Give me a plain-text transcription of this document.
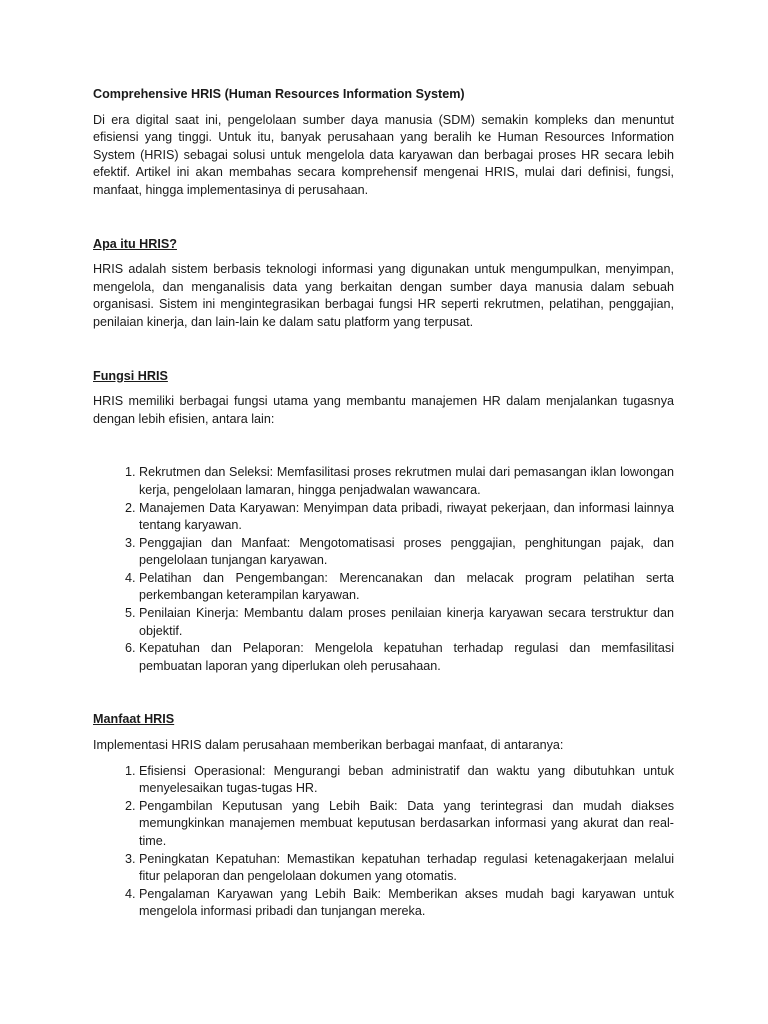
Comprehensive HRIS (Human Resources Information System)

Di era digital saat ini, pengelolaan sumber daya manusia (SDM) semakin kompleks dan menuntut efisiensi yang tinggi. Untuk itu, banyak perusahaan yang beralih ke Human Resources Information System (HRIS) sebagai solusi untuk mengelola data karyawan dan berbagai proses HR secara lebih efektif. Artikel ini akan membahas secara komprehensif mengenai HRIS, mulai dari definisi, fungsi, manfaat, hingga implementasinya di perusahaan.

Apa itu HRIS?

HRIS adalah sistem berbasis teknologi informasi yang digunakan untuk mengumpulkan, menyimpan, mengelola, dan menganalisis data yang berkaitan dengan sumber daya manusia dalam sebuah organisasi. Sistem ini mengintegrasikan berbagai fungsi HR seperti rekrutmen, pelatihan, penggajian, penilaian kinerja, dan lain-lain ke dalam satu platform yang terpusat.

Fungsi HRIS

HRIS memiliki berbagai fungsi utama yang membantu manajemen HR dalam menjalankan tugasnya dengan lebih efisien, antara lain:

1. Rekrutmen dan Seleksi: Memfasilitasi proses rekrutmen mulai dari pemasangan iklan lowongan kerja, pengelolaan lamaran, hingga penjadwalan wawancara.
2. Manajemen Data Karyawan: Menyimpan data pribadi, riwayat pekerjaan, dan informasi lainnya tentang karyawan.
3. Penggajian dan Manfaat: Mengotomatisasi proses penggajian, penghitungan pajak, dan pengelolaan tunjangan karyawan.
4. Pelatihan dan Pengembangan: Merencanakan dan melacak program pelatihan serta perkembangan keterampilan karyawan.
5. Penilaian Kinerja: Membantu dalam proses penilaian kinerja karyawan secara terstruktur dan objektif.
6. Kepatuhan dan Pelaporan: Mengelola kepatuhan terhadap regulasi dan memfasilitasi pembuatan laporan yang diperlukan oleh perusahaan.
Manfaat HRIS

Implementasi HRIS dalam perusahaan memberikan berbagai manfaat, di antaranya:

1. Efisiensi Operasional: Mengurangi beban administratif dan waktu yang dibutuhkan untuk menyelesaikan tugas-tugas HR.
2. Pengambilan Keputusan yang Lebih Baik: Data yang terintegrasi dan mudah diakses memungkinkan manajemen membuat keputusan berdasarkan informasi yang akurat dan real-time.
3. Peningkatan Kepatuhan: Memastikan kepatuhan terhadap regulasi ketenagakerjaan melalui fitur pelaporan dan pengelolaan dokumen yang otomatis.
4. Pengalaman Karyawan yang Lebih Baik: Memberikan akses mudah bagi karyawan untuk mengelola informasi pribadi dan tunjangan mereka.
